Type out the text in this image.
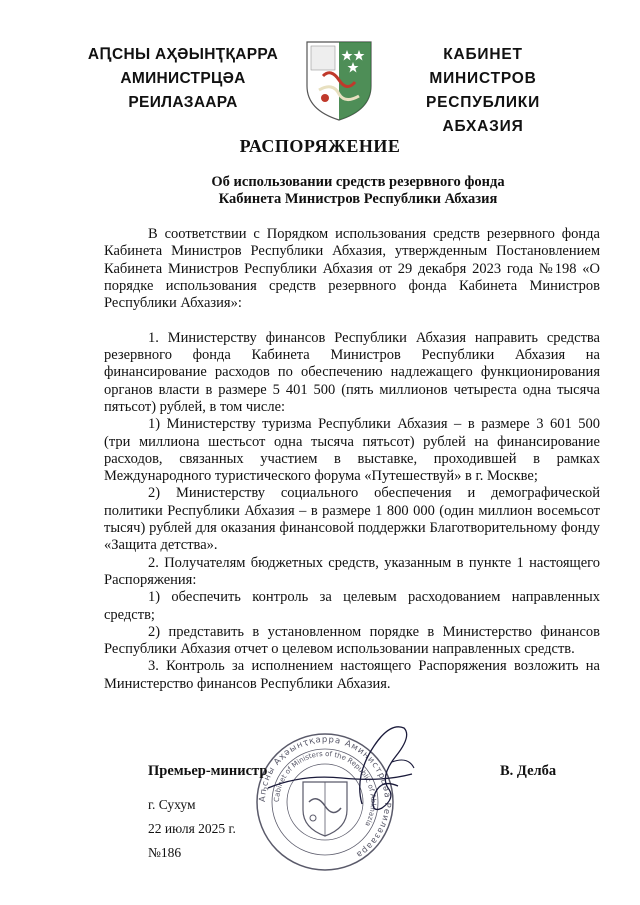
АԤСНЫ АҲӘЫНҬҚАРРА
АМИНИСТРЦӘА РЕИЛАЗААРА
КАБИНЕТ МИНИСТРОВ
РЕСПУБЛИКИ АБХАЗИЯ
РАСПОРЯЖЕНИЕ
Об использовании средств резервного фонда
Кабинета Министров Республики Абхазия

В соответствии с Порядком использования средств резервного фонда Кабинета Министров Республики Абхазия, утвержденным Постановлением Кабинета Министров Республики Абхазия от 29 декабря 2023 года №198 «О порядке использования средств резервного фонда Кабинета Министров Республики Абхазия»:

1. Министерству финансов Республики Абхазия направить средства резервного фонда Кабинета Министров Республики Абхазия на финансирование расходов по обеспечению надлежащего функционирования органов власти в размере 5 401 500 (пять миллионов четыреста одна тысяча пятьсот) рублей, в том числе:

1) Министерству туризма Республики Абхазия – в размере 3 601 500 (три миллиона шестьсот одна тысяча пятьсот) рублей на финансирование расходов, связанных участием в выставке, проходившей в рамках Международного туристического форума «Путешествуй» в г. Москве;

2) Министерству социального обеспечения и демографической политики Республики Абхазия – в размере 1 800 000 (один миллион восемьсот тысяч) рублей для оказания финансовой поддержки Благотворительному фонду «Защита детства».

2. Получателям бюджетных средств, указанным в пункте 1 настоящего Распоряжения:

1) обеспечить контроль за целевым расходованием направленных средств;

2) представить в установленном порядке в Министерство финансов Республики Абхазия отчет о целевом использовании направленных средств.

3. Контроль за исполнением настоящего Распоряжения возложить на Министерство финансов Республики Абхазия.

Аҧсны Аҳәынҭқарра Аминистрцәа Реилазаара
Cabinet of Ministers of the Republic of Abkhazia
Премьер-министр	В. Делба
г. Сухум
22 июля 2025 г.
№186
